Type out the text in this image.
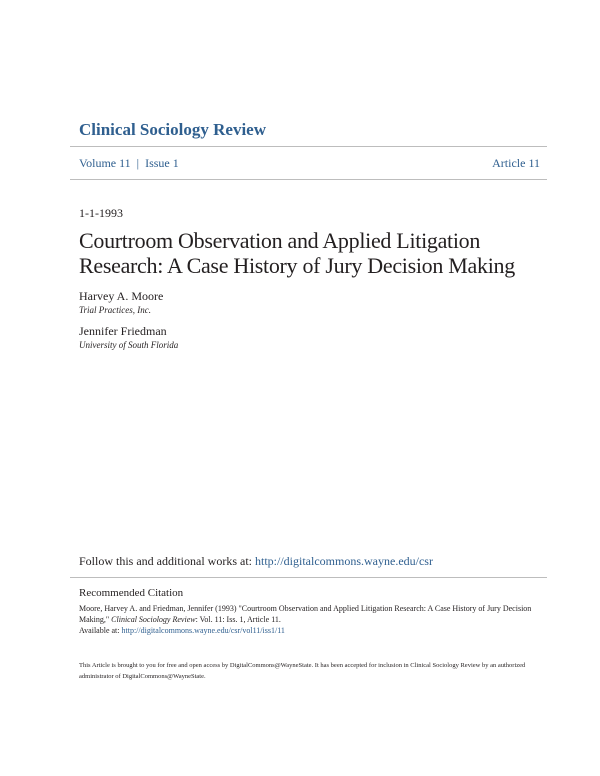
Clinical Sociology Review
Volume 11 | Issue 1	Article 11
1-1-1993
Courtroom Observation and Applied Litigation Research: A Case History of Jury Decision Making
Harvey A. Moore
Trial Practices, Inc.
Jennifer Friedman
University of South Florida
Follow this and additional works at: http://digitalcommons.wayne.edu/csr
Recommended Citation
Moore, Harvey A. and Friedman, Jennifer (1993) "Courtroom Observation and Applied Litigation Research: A Case History of Jury Decision Making," Clinical Sociology Review: Vol. 11: Iss. 1, Article 11.
Available at: http://digitalcommons.wayne.edu/csr/vol11/iss1/11
This Article is brought to you for free and open access by DigitalCommons@WayneState. It has been accepted for inclusion in Clinical Sociology Review by an authorized administrator of DigitalCommons@WayneState.
